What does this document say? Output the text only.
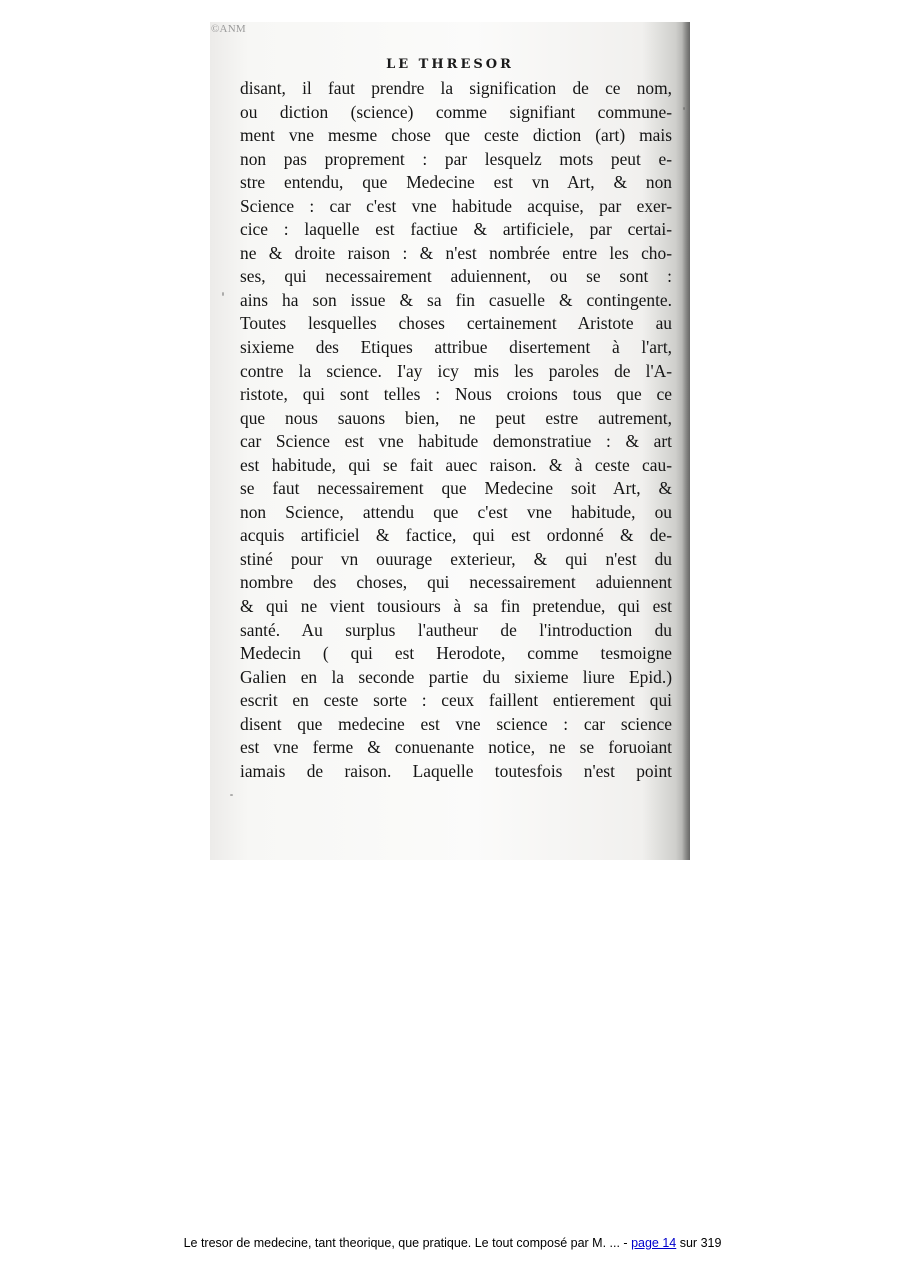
©ANM
LE THRESOR
disant, il faut prendre la signification de ce nom,
ou diction (science) comme signifiant commune-
ment vne mesme chose que ceste diction (art) mais
non pas proprement : par lesquelz mots peut e-
stre entendu, que Medecine est vn Art, & non
Science : car c'est vne habitude acquise, par exer-
cice : laquelle est factiue & artificiele, par certai-
ne & droite raison : & n'est nombrée entre les cho-
ses, qui necessairement aduiennent, ou se sont :
ains ha son issue & sa fin casuelle & contingente.
Toutes lesquelles choses certainement Aristote au
sixieme des Etiques attribue disertement à l'art,
contre la science. I'ay icy mis les paroles de l'A-
ristote, qui sont telles : Nous croions tous que ce
que nous sauons bien, ne peut estre autrement,
car Science est vne habitude demonstratiue : & art
est habitude, qui se fait auec raison. & à ceste cau-
se faut necessairement que Medecine soit Art, &
non Science, attendu que c'est vne habitude, ou
acquis artificiel & factice, qui est ordonné & de-
stiné pour vn ouurage exterieur, & qui n'est du
nombre des choses, qui necessairement aduiennent
& qui ne vient tousiours à sa fin pretendue, qui est
santé. Au surplus l'autheur de l'introduction du
Medecin ( qui est Herodote, comme tesmoigne
Galien en la seconde partie du sixieme liure Epid.)
escrit en ceste sorte : ceux faillent entierement qui
disent que medecine est vne science : car science
est vne ferme & conuenante notice, ne se foruoiant
iamais de raison. Laquelle toutesfois n'est point
Le tresor de medecine, tant theorique, que pratique. Le tout composé par M. ... - page 14 sur 319
